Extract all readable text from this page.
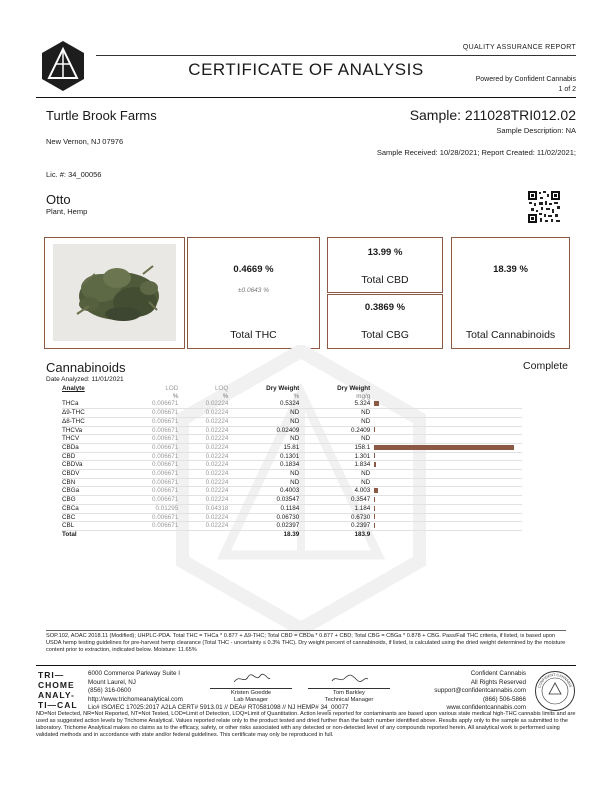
QUALITY ASSURANCE REPORT
CERTIFICATE OF ANALYSIS
Powered by Confident Cannabis
1 of 2
Turtle Brook Farms
New Vernon, NJ 07976
Sample: 211028TRI012.02
Sample Description: NA
Sample Received: 10/28/2021; Report Created: 11/02/2021;
Lic. #: 34_00056
Otto
Plant, Hemp
0.4669 %
±0.0643 %
Total THC
13.99 %
Total CBD
0.3869 %
Total CBG
18.39 %
Total Cannabinoids
Cannabinoids	Complete
Date Analyzed: 11/01/2021
Analyte	LOD	LOQ	Dry Weight	Dry Weight	
	%	%	%	mg/g	
THCa	0.006671	0.02224	0.5324	5.324	
Δ9-THC	0.006671	0.02224	ND	ND	
Δ8-THC	0.006671	0.02224	ND	ND	
THCVa	0.006671	0.02224	0.02409	0.2409	
THCV	0.006671	0.02224	ND	ND	
CBDa	0.006671	0.02224	15.81	158.1	
CBD	0.006671	0.02224	0.1301	1.301	
CBDVa	0.006671	0.02224	0.1834	1.834	
CBDV	0.006671	0.02224	ND	ND	
CBN	0.006671	0.02224	ND	ND	
CBGa	0.006671	0.02224	0.4003	4.003	
CBG	0.006671	0.02224	0.03547	0.3547	
CBCa	0.01295	0.04318	0.1184	1.184	
CBC	0.006671	0.02224	0.06730	0.6730	
CBL	0.006671	0.02224	0.02397	0.2397	
Total			18.39	183.9	
SOP.102, AOAC 2018.11 (Modified); UHPLC-PDA. Total THC = THCa * 0.877 + Δ9-THC; Total CBD = CBDa * 0.877 + CBD; Total CBG = CBGa * 0.878 + CBG. Pass/Fail THC criteria, if listed, is based upon USDA hemp testing guidelines for pre-harvest hemp clearance (Total THC - uncertainty ≤ 0.3% THC). Dry weight percent of cannabinoids, if listed, is calculated using the dried weight determined by the moisture content prior to extraction, indicated below. Moisture: 11.65%
TRI—
CHOME
ANALY-
TI—CAL
6000 Commerce Parkway Suite I
Mount Laurel, NJ
(856) 316-0600
http://www.trichomeanalytical.com
Lic# ISO/IEC 17025:2017 A2LA CERT# 5913.01 // DEA# RT0581098 // NJ HEMP# 34_00077
Kristen Goedde
Lab Manager
Tom Barkley
Technical Manager
Confident Cannabis
All Rights Reserved
support@confidentcannabis.com
(866) 506-5866
www.confidentcannabis.com
CONFIDENT CANNABIS
ND=Not Detected, NR=Not Reported, NT=Not Tested, LOD=Limit of Detection, LOQ=Limit of Quantitation. Action levels reported for contaminants are based upon various state medical high-THC cannabis limits and are used as suggested action levels by Trichome Analytical. Values reported relate only to the product tested and dried further than the batch number identified above. Results apply only to the sample as submitted to the laboratory. Trichome Analytical makes no claims as to the efficacy, safety, or other risks associated with any detected or non-detected level of any compounds reported herein. All analytical work is performed using validated methods and in accordance with state and/or federal guidelines. This certificate may only be reproduced in full.
